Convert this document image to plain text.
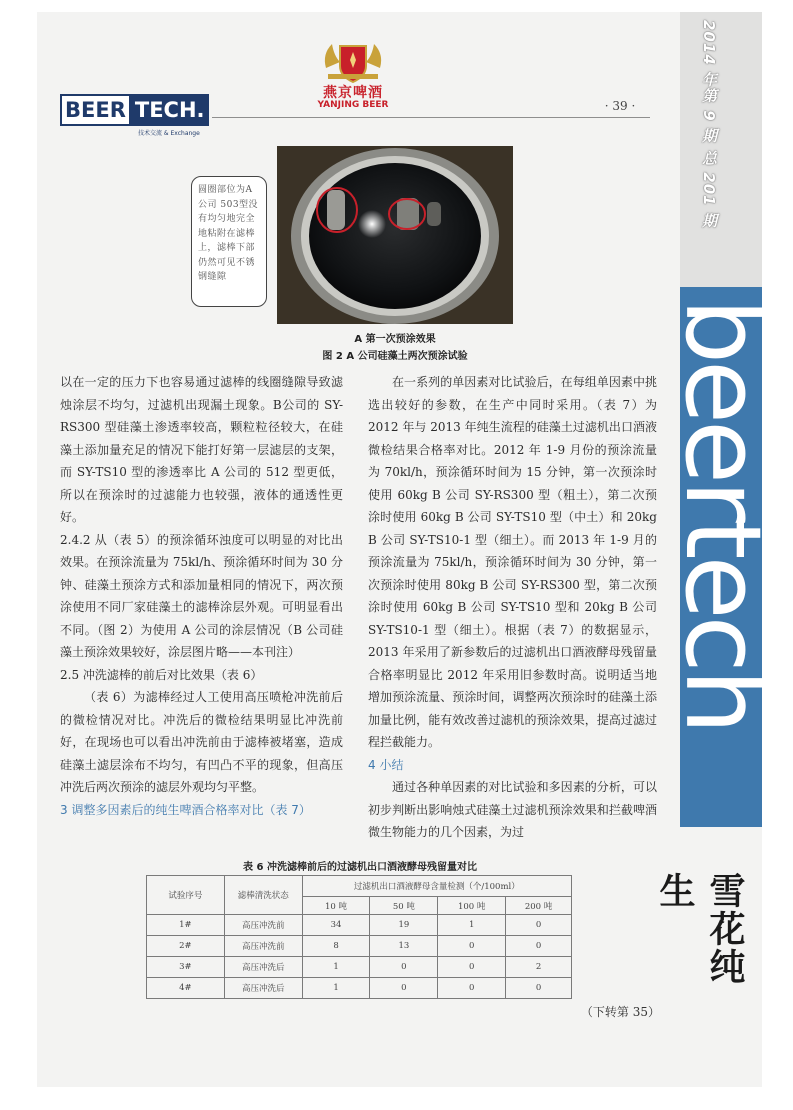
2014 年第 9 期 总 201 期
beertech
雪花纯生
BEER TECH.
技术交流 & Exchange
燕京啤酒
YANJING BEER	· 39 ·
圆圈部位为A 公司 503型没有均匀地完全地粘附在滤棒上，滤棒下部仍然可见不锈钢缝隙
A 第一次预涂效果
图 2 A 公司硅藻土两次预涂试验

以在一定的压力下也容易通过滤棒的线圈缝隙导致滤烛涂层不均匀，过滤机出现漏土现象。B公司的 SY-RS300 型硅藻土渗透率较高，颗粒粒径较大，在硅藻土添加量充足的情况下能打好第一层滤层的支架，而 SY-TS10 型的渗透率比 A 公司的 512 型更低，所以在预涂时的过滤能力也较强，液体的通透性更好。

2.4.2 从（表 5）的预涂循环浊度可以明显的对比出效果。在预涂流量为 75kl/h、预涂循环时间为 30 分钟、硅藻土预涂方式和添加量相同的情况下，两次预涂使用不同厂家硅藻土的滤棒涂层外观。可明显看出不同。（图 2）为使用 A 公司的涂层情况（B 公司硅藻土预涂效果较好，涂层图片略——本刊注）

2.5 冲洗滤棒的前后对比效果（表 6）

（表 6）为滤棒经过人工使用高压喷枪冲洗前后的微检情况对比。冲洗后的微检结果明显比冲洗前好，在现场也可以看出冲洗前由于滤棒被堵塞，造成硅藻土滤层涂布不均匀，有凹凸不平的现象，但高压冲洗后两次预涂的滤层外观均匀平整。

3 调整多因素后的纯生啤酒合格率对比（表 7）

在一系列的单因素对比试验后，在每组单因素中挑选出较好的参数，在生产中同时采用。（表 7）为 2012 年与 2013 年纯生流程的硅藻土过滤机出口酒液微检结果合格率对比。2012 年 1-9 月份的预涂流量为 70kl/h，预涂循环时间为 15 分钟，第一次预涂时使用 60kg B 公司 SY-RS300 型（粗土），第二次预涂时使用 60kg B 公司 SY-TS10 型（中土）和 20kg B 公司 SY-TS10-1 型（细土）。而 2013 年 1-9 月的预涂流量为 75kl/h，预涂循环时间为 30 分钟，第一次预涂时使用 80kg B 公司 SY-RS300 型，第二次预涂时使用 60kg B 公司 SY-TS10 型和 20kg B 公司 SY-TS10-1 型（细土）。根据（表 7）的数据显示，2013 年采用了新参数后的过滤机出口酒液酵母残留量合格率明显比 2012 年采用旧参数时高。说明适当地增加预涂流量、预涂时间，调整两次预涂时的硅藻土添加量比例，能有效改善过滤机的预涂效果，提高过滤过程拦截能力。

4 小结

通过各种单因素的对比试验和多因素的分析，可以初步判断出影响烛式硅藻土过滤机预涂效果和拦截啤酒微生物能力的几个因素，为过

表 6 冲洗滤棒前后的过滤机出口酒液酵母残留量对比
试验序号	滤棒清洗状态	过滤机出口酒液酵母含量检测（个/100ml）			
		10 吨	50 吨	100 吨	200 吨
1#	高压冲洗前	34	19	1	0
2#	高压冲洗前	8	13	0	0
3#	高压冲洗后	1	0	0	2
4#	高压冲洗后	1	0	0	0
（下转第 35）
